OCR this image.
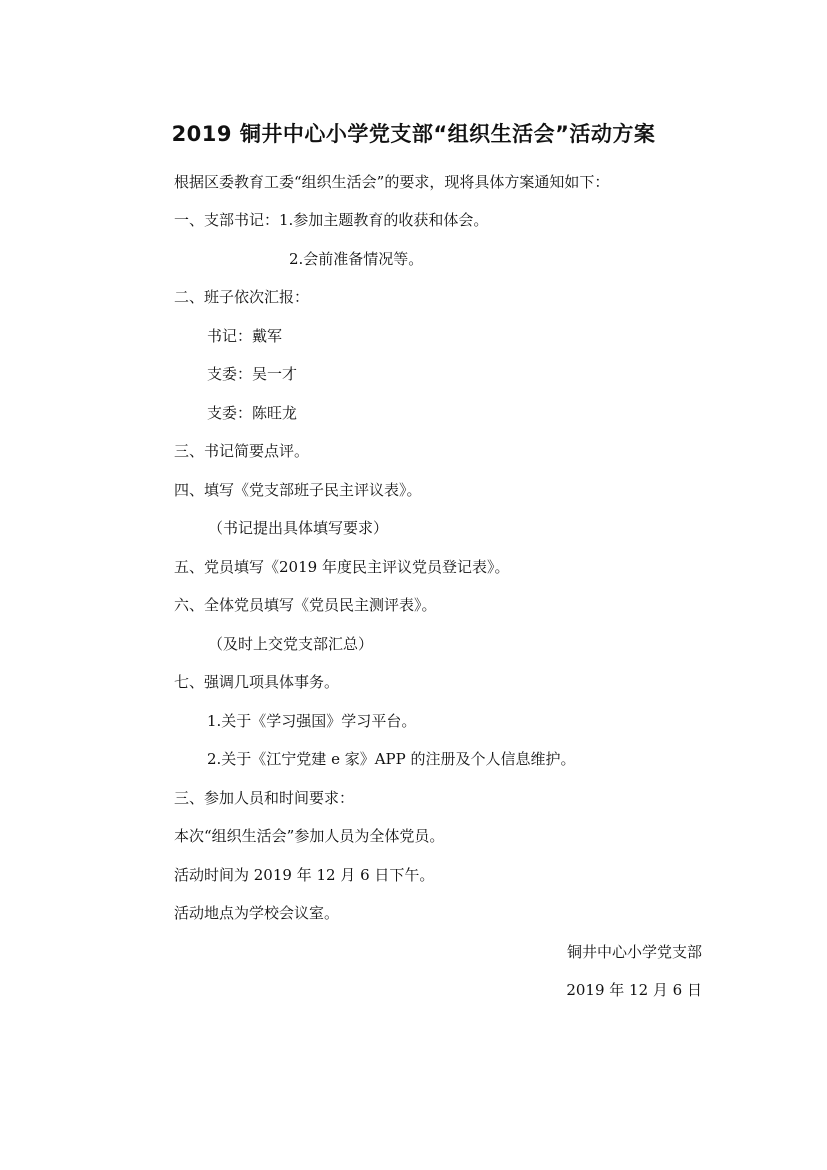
2019 铜井中心小学党支部“组织生活会”活动方案
根据区委教育工委“组织生活会”的要求，现将具体方案通知如下：
一、支部书记：1.参加主题教育的收获和体会。
2.会前准备情况等。
二、班子依次汇报：
书记：戴军
支委：吴一才
支委：陈旺龙
三、书记简要点评。
四、填写《党支部班子民主评议表》。
（书记提出具体填写要求）
五、党员填写《2019 年度民主评议党员登记表》。
六、全体党员填写《党员民主测评表》。
（及时上交党支部汇总）
七、强调几项具体事务。
1.关于《学习强国》学习平台。
2.关于《江宁党建 e 家》APP 的注册及个人信息维护。
三、参加人员和时间要求：
本次“组织生活会”参加人员为全体党员。
活动时间为 2019 年 12 月 6 日下午。
活动地点为学校会议室。
铜井中心小学党支部
2019 年 12 月 6 日
